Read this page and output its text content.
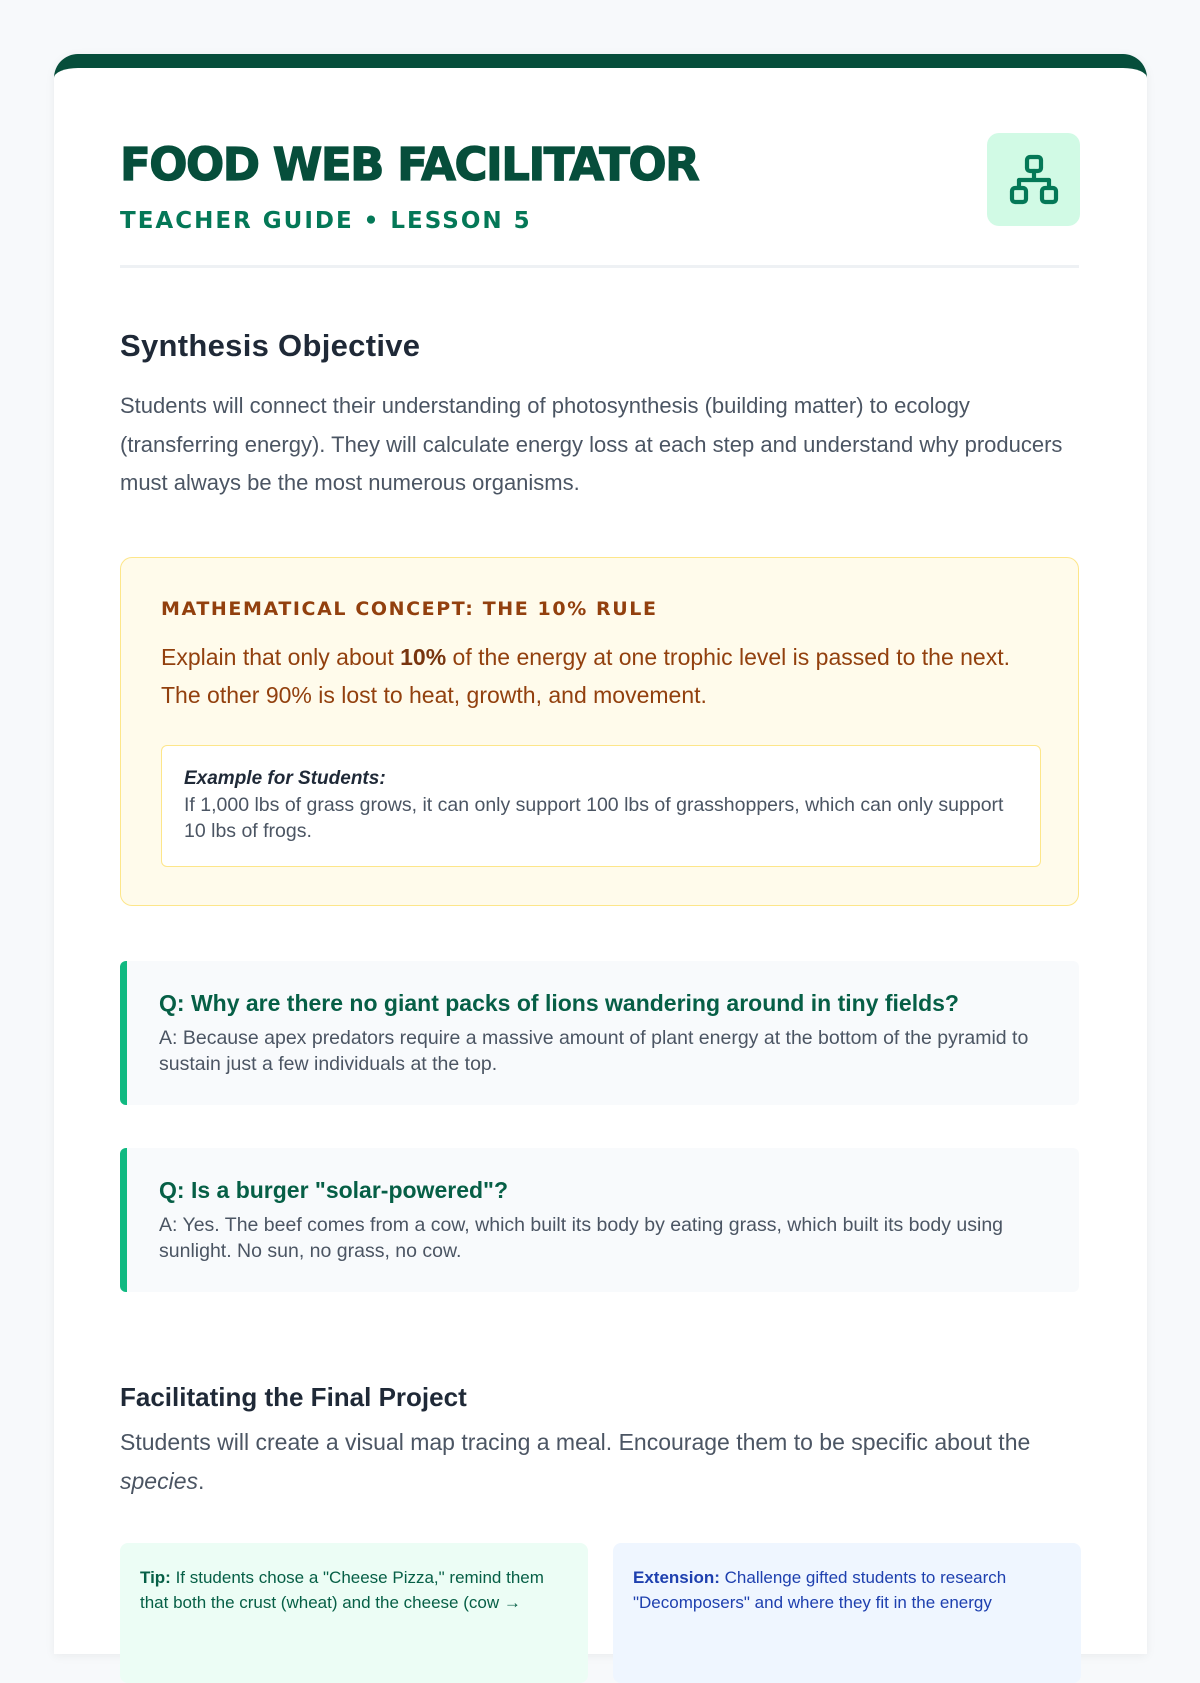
FOOD WEB FACILITATOR
TEACHER GUIDE • LESSON 5
Synthesis Objective
Students will connect their understanding of photosynthesis (building matter) to ecology (transferring energy). They will calculate energy loss at each step and understand why producers must always be the most numerous organisms.
MATHEMATICAL CONCEPT: THE 10% RULE
Explain that only about 10% of the energy at one trophic level is passed to the next. The other 90% is lost to heat, growth, and movement.
Example for Students:
If 1,000 lbs of grass grows, it can only support 100 lbs of grasshoppers, which can only support 10 lbs of frogs.
Q: Why are there no giant packs of lions wandering around in tiny fields?
A: Because apex predators require a massive amount of plant energy at the bottom of the pyramid to sustain just a few individuals at the top.
Q: Is a burger "solar-powered"?
A: Yes. The beef comes from a cow, which built its body by eating grass, which built its body using sunlight. No sun, no grass, no cow.
Facilitating the Final Project
Students will create a visual map tracing a meal. Encourage them to be specific about the species.
Tip: If students chose a "Cheese Pizza," remind them that both the crust (wheat) and the cheese (cow →
Extension: Challenge gifted students to research "Decomposers" and where they fit in the energy
